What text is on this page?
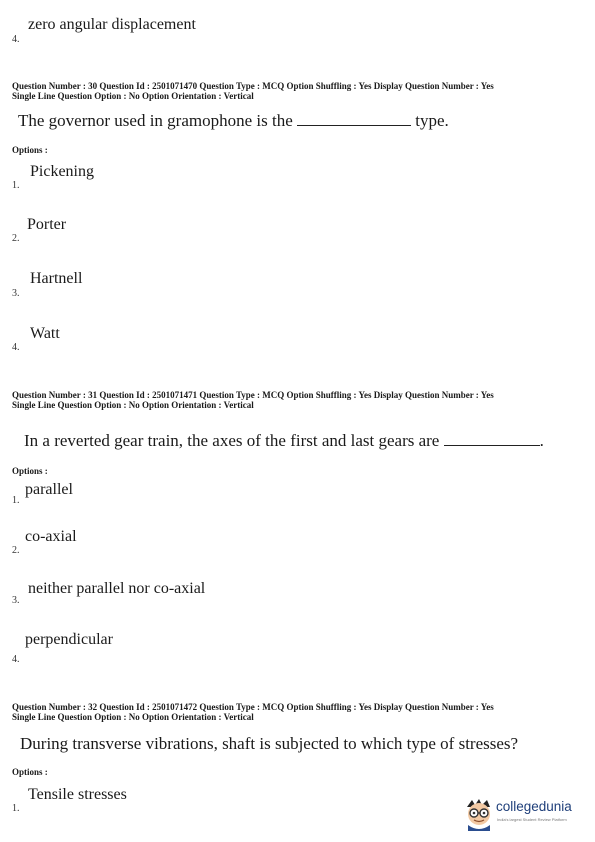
zero angular displacement
4.
Question Number : 30 Question Id : 2501071470 Question Type : MCQ Option Shuffling : Yes Display Question Number : Yes
Single Line Question Option : No Option Orientation : Vertical
The governor used in gramophone is the	type.
Options :
Pickening
1.
Porter
2.
Hartnell
3.
Watt
4.
Question Number : 31 Question Id : 2501071471 Question Type : MCQ Option Shuffling : Yes Display Question Number : Yes
Single Line Question Option : No Option Orientation : Vertical
In a reverted gear train, the axes of the first and last gears are	.
Options :
parallel
1.
co-axial
2.
neither parallel nor co-axial
3.
perpendicular
4.
Question Number : 32 Question Id : 2501071472 Question Type : MCQ Option Shuffling : Yes Display Question Number : Yes
Single Line Question Option : No Option Orientation : Vertical
During transverse vibrations, shaft is subjected to which type of stresses?
Options :
Tensile stresses
1.	collegedunia
India's largest Student Review Platform
